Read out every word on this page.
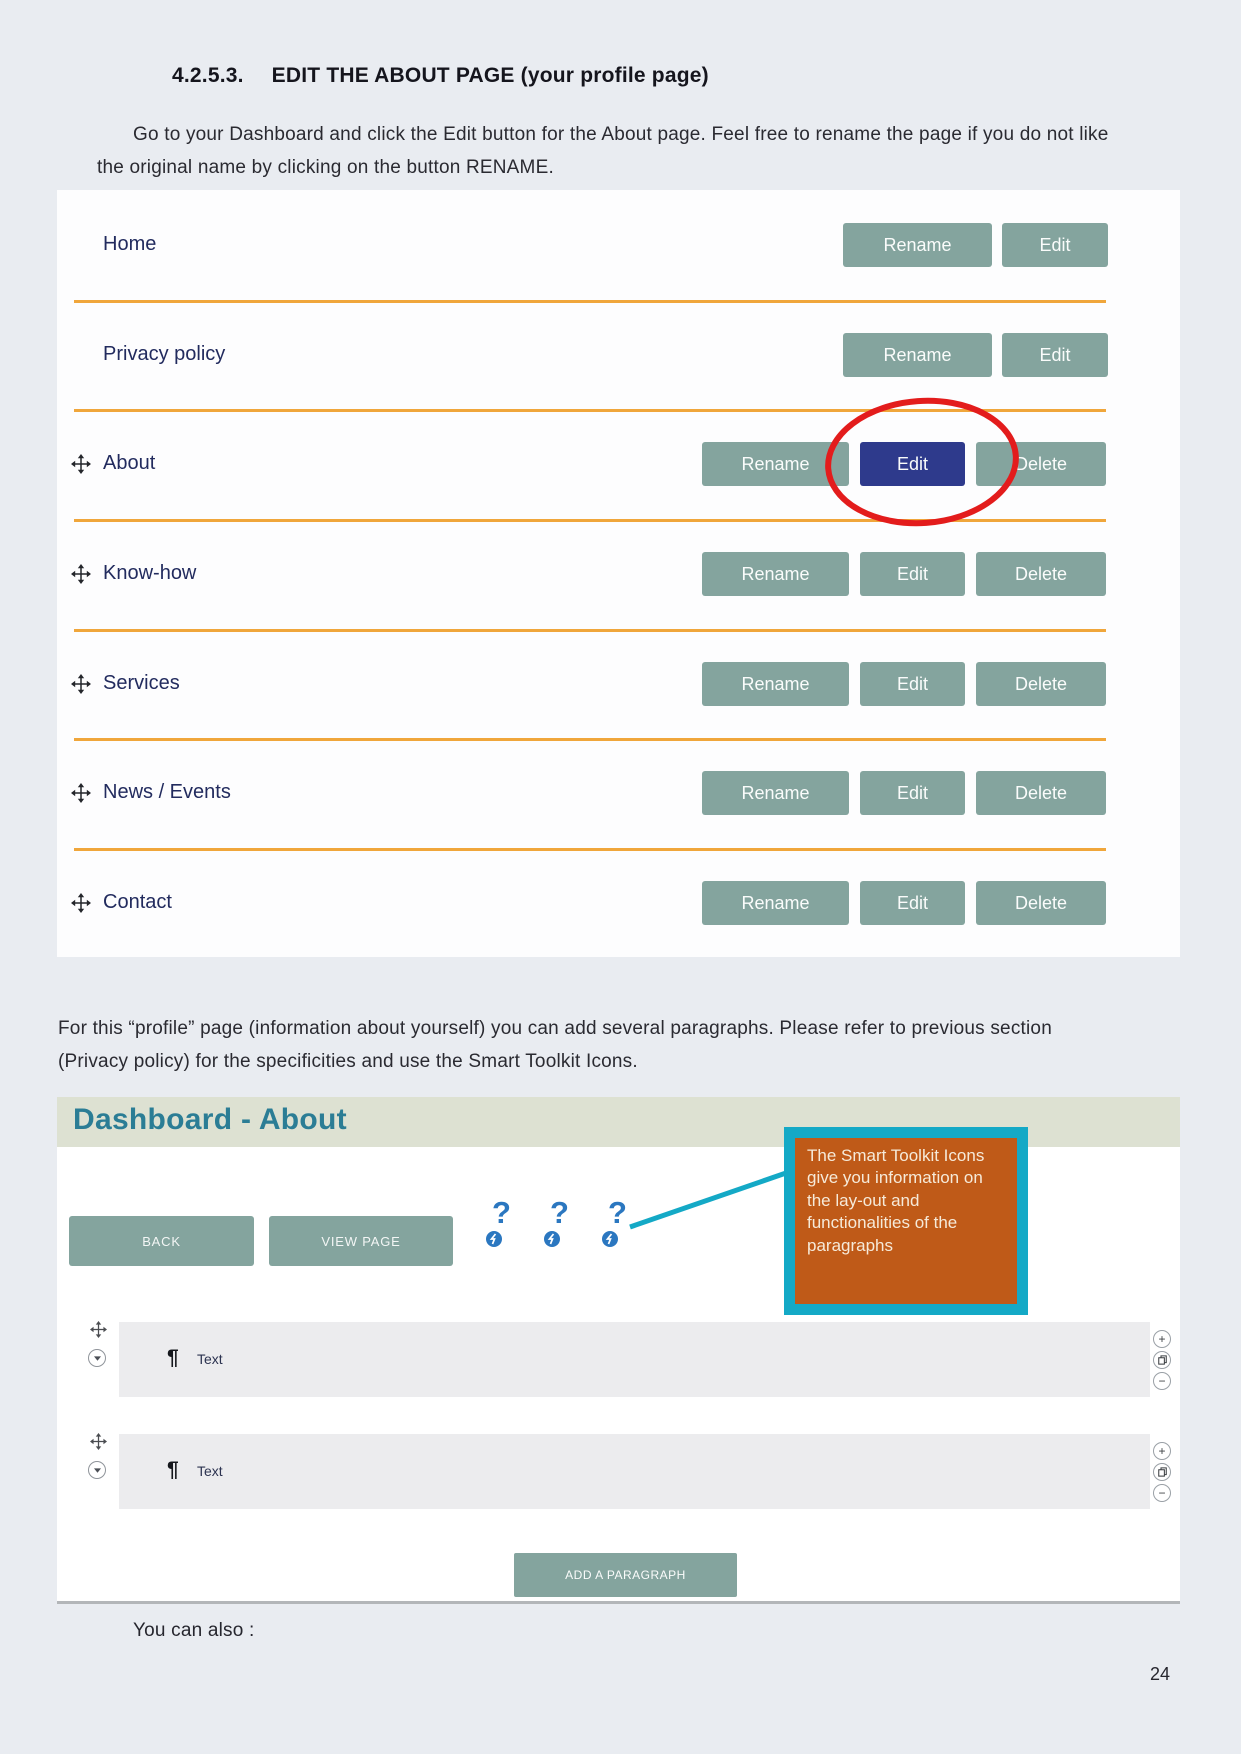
4.2.5.3. EDIT THE ABOUT PAGE (your profile page)
Go to your Dashboard and click the Edit button for the About page. Feel free to rename the page if you do not like the original name by clicking on the button RENAME.
Home	Rename	Edit
Privacy policy	Rename	Edit
About	Rename	Edit	Delete
Know-how	Rename	Edit	Delete
Services	Rename	Edit	Delete
News / Events	Rename	Edit	Delete
Contact	Rename	Edit	Delete
For this “profile” page (information about yourself) you can add several paragraphs. Please refer to previous section (Privacy policy) for the specificities and use the Smart Toolkit Icons.
Dashboard - About
BACK	VIEW PAGE
The Smart Toolkit Icons give you information on the lay-out and functionalities of the paragraphs
ADD A PARAGRAPH
? ? ?
¶ Text
+
−
¶ Text
+
−
You can also :
24
